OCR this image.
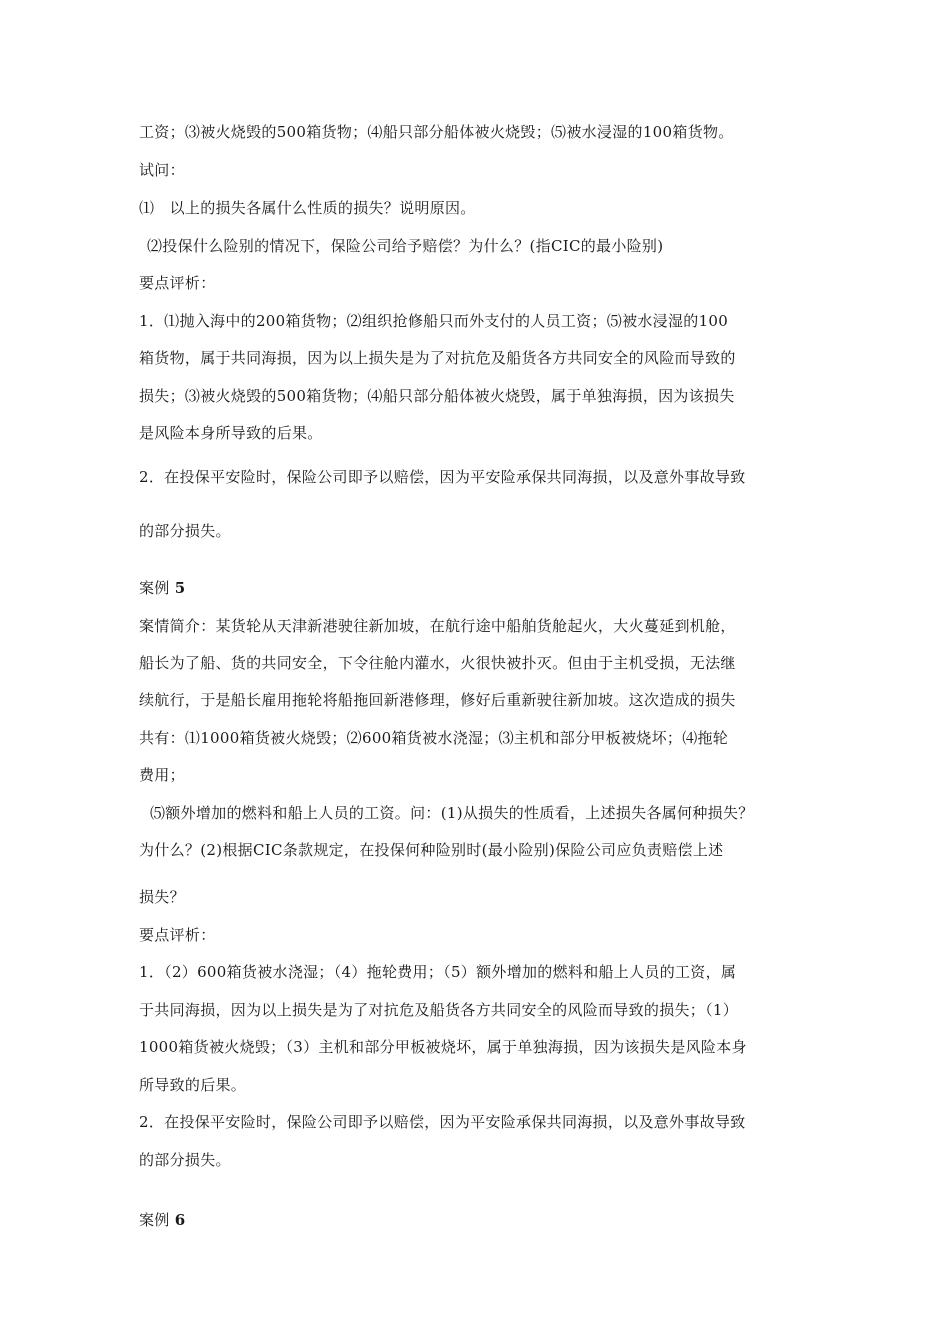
工资；⑶被火烧毁的500箱货物；⑷船只部分船体被火烧毁；⑸被水浸湿的100箱货物。

试问：

⑴　以上的损失各属什么性质的损失？说明原因。

⑵投保什么险别的情况下，保险公司给予赔偿？为什么？(指CIC的最小险别)

要点评析：

1．⑴抛入海中的200箱货物；⑵组织抢修船只而外支付的人员工资；⑸被水浸湿的100

箱货物，属于共同海损，因为以上损失是为了对抗危及船货各方共同安全的风险而导致的

损失；⑶被火烧毁的500箱货物；⑷船只部分船体被火烧毁，属于单独海损，因为该损失

是风险本身所导致的后果。

2．在投保平安险时，保险公司即予以赔偿，因为平安险承保共同海损，以及意外事故导致

的部分损失。

案例 5

案情简介：某货轮从天津新港驶往新加坡，在航行途中船舶货舱起火，大火蔓延到机舱，

船长为了船、货的共同安全，下令往舱内灌水，火很快被扑灭。但由于主机受损，无法继

续航行，于是船长雇用拖轮将船拖回新港修理，修好后重新驶往新加坡。这次造成的损失

共有：⑴1000箱货被火烧毁；⑵600箱货被水浇湿；⑶主机和部分甲板被烧坏；⑷拖轮

费用；

⑸额外增加的燃料和船上人员的工资。问：(1)从损失的性质看，上述损失各属何种损失？

为什么？(2)根据CIC条款规定，在投保何种险别时(最小险别)保险公司应负责赔偿上述

损失？

要点评析：

1．（2）600箱货被水浇湿；（4）拖轮费用；（5）额外增加的燃料和船上人员的工资，属

于共同海损，因为以上损失是为了对抗危及船货各方共同安全的风险而导致的损失；（1）

1000箱货被火烧毁；（3）主机和部分甲板被烧坏，属于单独海损，因为该损失是风险本身

所导致的后果。

2．在投保平安险时，保险公司即予以赔偿，因为平安险承保共同海损，以及意外事故导致

的部分损失。

案例 6
